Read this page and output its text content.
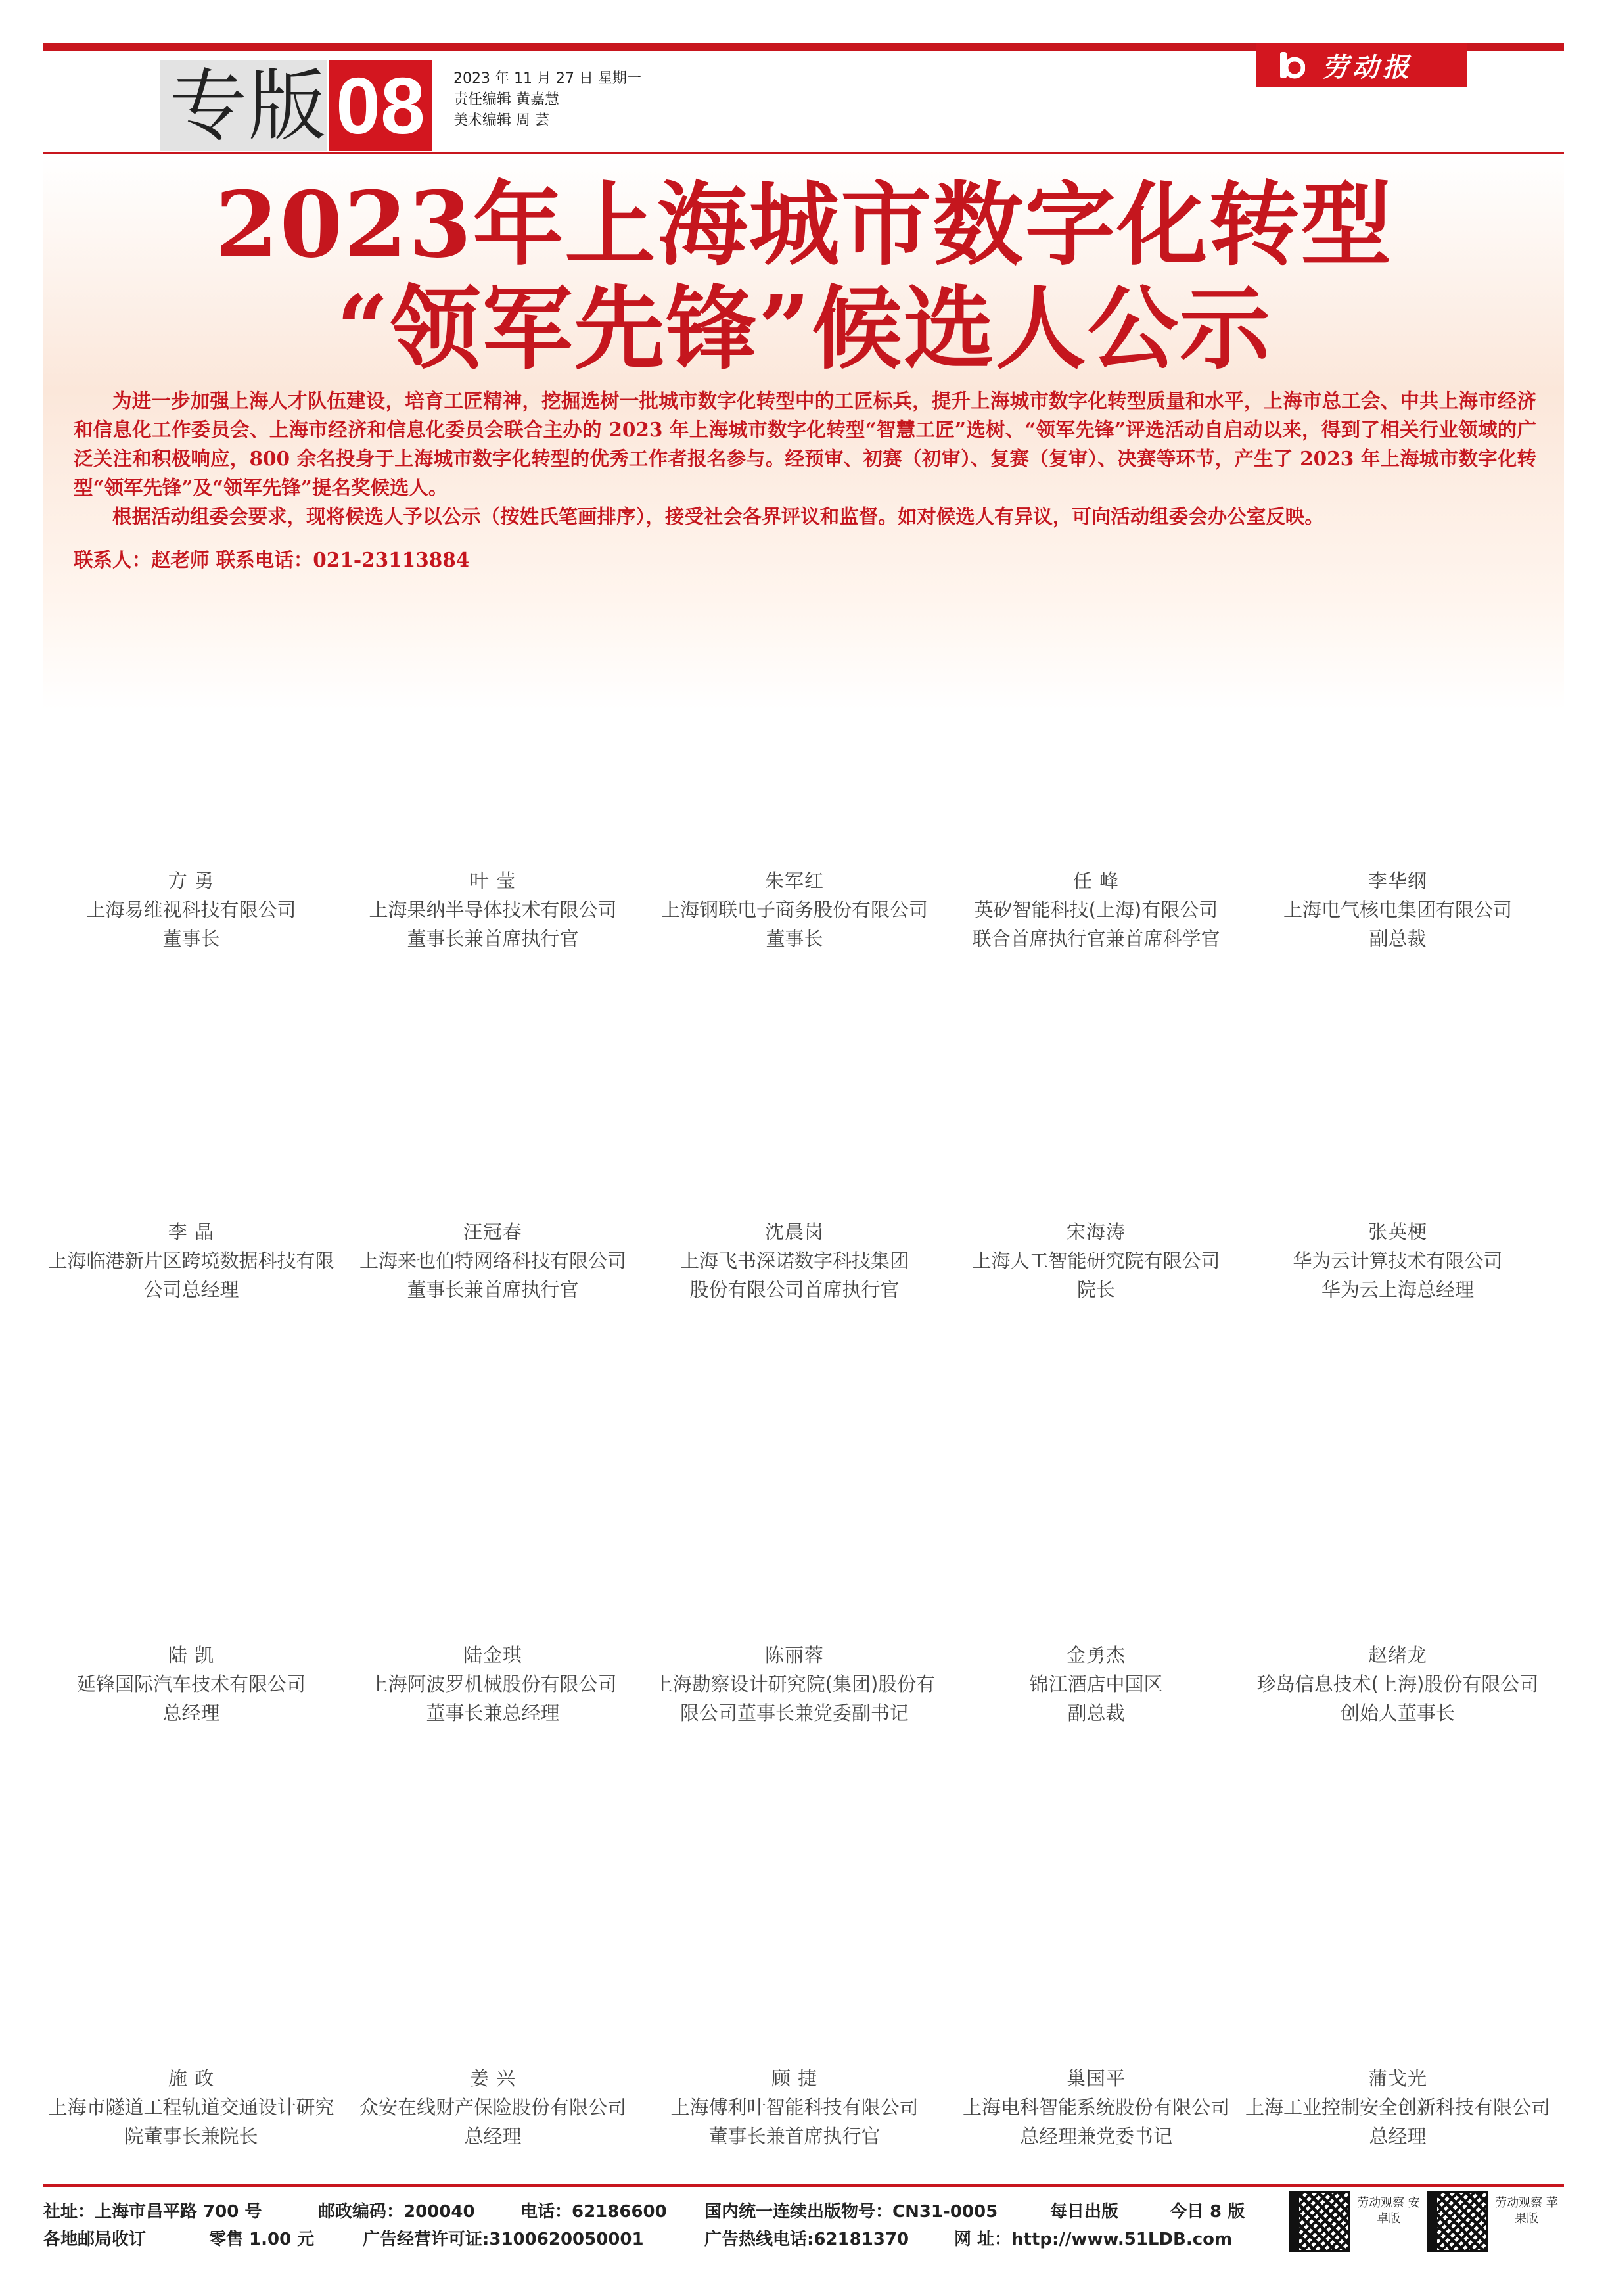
专版 08	2023 年 11 月 27 日 星期一
责任编辑 黄嘉慧
美术编辑 周 芸
劳动报
2023年上海城市数字化转型
“领军先锋”候选人公示

为进一步加强上海人才队伍建设，培育工匠精神，挖掘选树一批城市数字化转型中的工匠标兵，提升上海城市数字化转型质量和水平，上海市总工会、中共上海市经济和信息化工作委员会、上海市经济和信息化委员会联合主办的 2023 年上海城市数字化转型“智慧工匠”选树、“领军先锋”评选活动自启动以来，得到了相关行业领域的广泛关注和积极响应，800 余名投身于上海城市数字化转型的优秀工作者报名参与。经预审、初赛（初审）、复赛（复审）、决赛等环节，产生了 2023 年上海城市数字化转型“领军先锋”及“领军先锋”提名奖候选人。

根据活动组委会要求，现将候选人予以公示（按姓氏笔画排序），接受社会各界评议和监督。如对候选人有异议，可向活动组委会办公室反映。

联系人：赵老师 联系电话：021-23113884
方 勇
上海易维视科技有限公司
董事长
叶 莹
上海果纳半导体技术有限公司
董事长兼首席执行官
朱军红
上海钢联电子商务股份有限公司
董事长
任 峰
英矽智能科技(上海)有限公司
联合首席执行官兼首席科学官
李华纲
上海电气核电集团有限公司
副总裁
李 晶
上海临港新片区跨境数据科技有限
公司总经理
汪冠春
上海来也伯特网络科技有限公司
董事长兼首席执行官
沈晨岗
上海飞书深诺数字科技集团
股份有限公司首席执行官
宋海涛
上海人工智能研究院有限公司
院长
张英梗
华为云计算技术有限公司
华为云上海总经理
陆 凯
延锋国际汽车技术有限公司
总经理
陆金琪
上海阿波罗机械股份有限公司
董事长兼总经理
陈丽蓉
上海勘察设计研究院(集团)股份有
限公司董事长兼党委副书记
金勇杰
锦江酒店中国区
副总裁
赵绪龙
珍岛信息技术(上海)股份有限公司
创始人董事长
施 政
上海市隧道工程轨道交通设计研究
院董事长兼院长
姜 兴
众安在线财产保险股份有限公司
总经理
顾 捷
上海傅利叶智能科技有限公司
董事长兼首席执行官
巢国平
上海电科智能系统股份有限公司
总经理兼党委书记
蒲戈光
上海工业控制安全创新科技有限公司
总经理
社址：上海市昌平路 700 号	邮政编码：200040	电话：62186600 国内统一连续出版物号：CN31-0005	每日出版	今日 8 版
各地邮局收订	零售 1.00 元	广告经营许可证:3100620050001	广告热线电话:62181370	网 址：http://www.51LDB.com
劳动观察 安卓版
劳动观察 苹果版
